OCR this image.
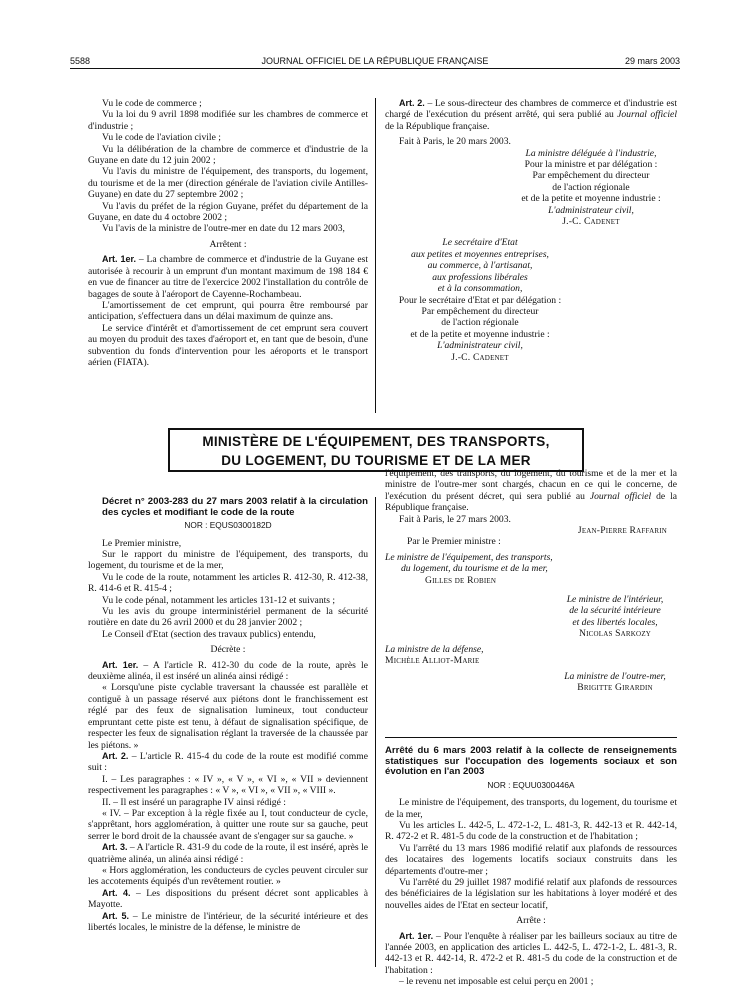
5588	JOURNAL OFFICIEL DE LA RÉPUBLIQUE FRANÇAISE	29 mars 2003

Vu le code de commerce ;

Vu la loi du 9 avril 1898 modifiée sur les chambres de commerce et d'industrie ;

Vu le code de l'aviation civile ;

Vu la délibération de la chambre de commerce et d'industrie de la Guyane en date du 12 juin 2002 ;

Vu l'avis du ministre de l'équipement, des transports, du logement, du tourisme et de la mer (direction générale de l'aviation civile Antilles-Guyane) en date du 27 septembre 2002 ;

Vu l'avis du préfet de la région Guyane, préfet du département de la Guyane, en date du 4 octobre 2002 ;

Vu l'avis de la ministre de l'outre-mer en date du 12 mars 2003,

Arrêtent :

Art. 1er. – La chambre de commerce et d'industrie de la Guyane est autorisée à recourir à un emprunt d'un montant maximum de 198 184 € en vue de financer au titre de l'exercice 2002 l'installation du contrôle de bagages de soute à l'aéroport de Cayenne-Rochambeau.

L'amortissement de cet emprunt, qui pourra être remboursé par anticipation, s'effectuera dans un délai maximum de quinze ans.

Le service d'intérêt et d'amortissement de cet emprunt sera couvert au moyen du produit des taxes d'aéroport et, en tant que de besoin, d'une subvention du fonds d'intervention pour les aéroports et le transport aérien (FIATA).

Art. 2. – Le sous-directeur des chambres de commerce et d'industrie est chargé de l'exécution du présent arrêté, qui sera publié au Journal officiel de la République française.

Fait à Paris, le 20 mars 2003.

La ministre déléguée à l'industrie,

Pour la ministre et par délégation :

Par empêchement du directeur

de l'action régionale

et de la petite et moyenne industrie :

L'administrateur civil,

J.-C. Cadenet

Le secrétaire d'Etat

aux petites et moyennes entreprises,

au commerce, à l'artisanat,

aux professions libérales

et à la consommation,

Pour le secrétaire d'Etat et par délégation :

Par empêchement du directeur

de l'action régionale

et de la petite et moyenne industrie :

L'administrateur civil,

J.-C. Cadenet

MINISTÈRE DE L'ÉQUIPEMENT, DES TRANSPORTS,
DU LOGEMENT, DU TOURISME ET DE LA MER

Décret n° 2003-283 du 27 mars 2003 relatif à la circulation des cycles et modifiant le code de la route

NOR : EQUS0300182D

Le Premier ministre,

Sur le rapport du ministre de l'équipement, des transports, du logement, du tourisme et de la mer,

Vu le code de la route, notamment les articles R. 412-30, R. 412-38, R. 414-6 et R. 415-4 ;

Vu le code pénal, notamment les articles 131-12 et suivants ;

Vu les avis du groupe interministériel permanent de la sécurité routière en date du 26 avril 2000 et du 28 janvier 2002 ;

Le Conseil d'Etat (section des travaux publics) entendu,

Décrète :

Art. 1er. – A l'article R. 412-30 du code de la route, après le deuxième alinéa, il est inséré un alinéa ainsi rédigé :

« Lorsqu'une piste cyclable traversant la chaussée est parallèle et contiguë à un passage réservé aux piétons dont le franchissement est réglé par des feux de signalisation lumineux, tout conducteur empruntant cette piste est tenu, à défaut de signalisation spécifique, de respecter les feux de signalisation réglant la traversée de la chaussée par les piétons. »

Art. 2. – L'article R. 415-4 du code de la route est modifié comme suit :

I. – Les paragraphes : « IV », « V », « VI », « VII » deviennent respectivement les paragraphes : « V », « VI », « VII », « VIII ».

II. – Il est inséré un paragraphe IV ainsi rédigé :

« IV. – Par exception à la règle fixée au I, tout conducteur de cycle, s'apprêtant, hors agglomération, à quitter une route sur sa gauche, peut serrer le bord droit de la chaussée avant de s'engager sur sa gauche. »

Art. 3. – A l'article R. 431-9 du code de la route, il est inséré, après le quatrième alinéa, un alinéa ainsi rédigé :

« Hors agglomération, les conducteurs de cycles peuvent circuler sur les accotements équipés d'un revêtement routier. »

Art. 4. – Les dispositions du présent décret sont applicables à Mayotte.

Art. 5. – Le ministre de l'intérieur, de la sécurité intérieure et des libertés locales, le ministre de la défense, le ministre de

l'équipement, des transports, du logement, du tourisme et de la mer et la ministre de l'outre-mer sont chargés, chacun en ce qui le concerne, de l'exécution du présent décret, qui sera publié au Journal officiel de la République française.

Fait à Paris, le 27 mars 2003.

Jean-Pierre Raffarin

Par le Premier ministre :

Le ministre de l'équipement, des transports,

du logement, du tourisme et de la mer,

Gilles de Robien

Le ministre de l'intérieur,

de la sécurité intérieure

et des libertés locales,

Nicolas Sarkozy

La ministre de la défense,

Michèle Alliot-Marie

La ministre de l'outre-mer,

Brigitte Girardin

Arrêté du 6 mars 2003 relatif à la collecte de renseignements statistiques sur l'occupation des logements sociaux et son évolution en l'an 2003

NOR : EQUU0300446A

Le ministre de l'équipement, des transports, du logement, du tourisme et de la mer,

Vu les articles L. 442-5, L. 472-1-2, L. 481-3, R. 442-13 et R. 442-14, R. 472-2 et R. 481-5 du code de la construction et de l'habitation ;

Vu l'arrêté du 13 mars 1986 modifié relatif aux plafonds de ressources des locataires des logements locatifs sociaux construits dans les départements d'outre-mer ;

Vu l'arrêté du 29 juillet 1987 modifié relatif aux plafonds de ressources des bénéficiaires de la législation sur les habitations à loyer modéré et des nouvelles aides de l'Etat en secteur locatif,

Arrête :

Art. 1er. – Pour l'enquête à réaliser par les bailleurs sociaux au titre de l'année 2003, en application des articles L. 442-5, L. 472-1-2, L. 481-3, R. 442-13 et R. 442-14, R. 472-2 et R. 481-5 du code de la construction et de l'habitation :

– le revenu net imposable est celui perçu en 2001 ;
